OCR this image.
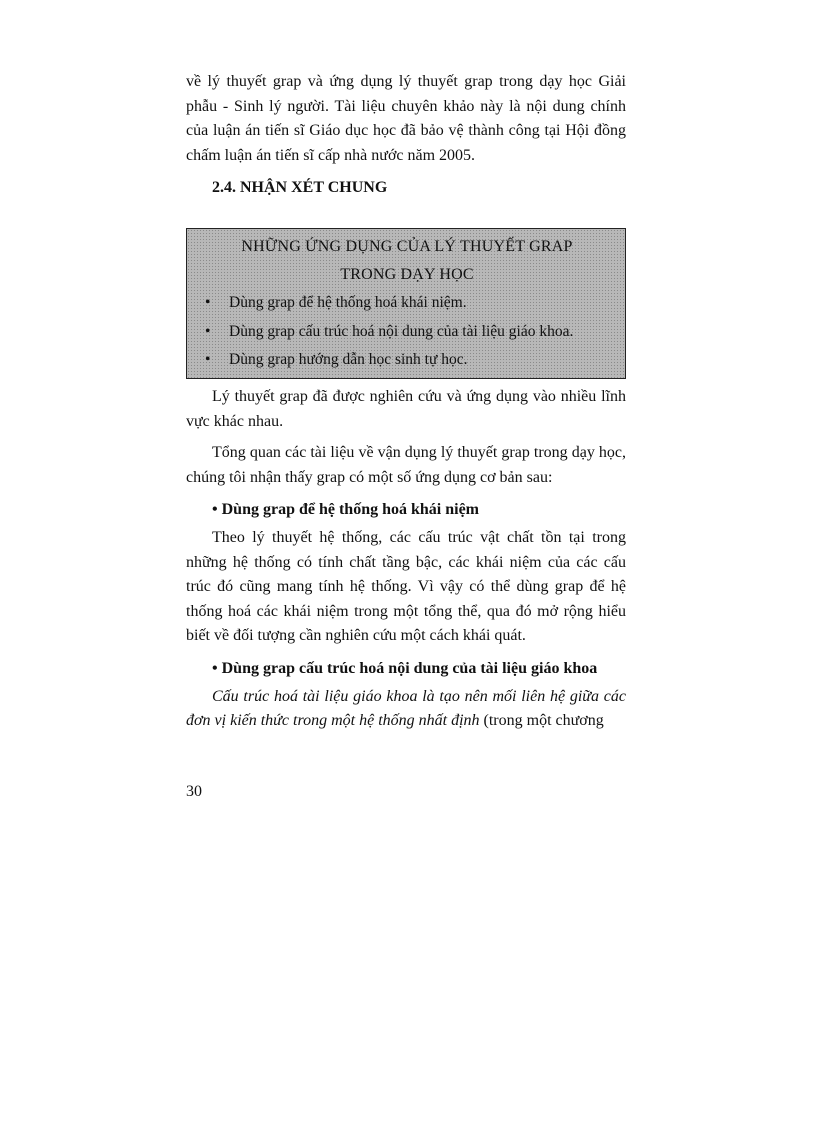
về lý thuyết grap và ứng dụng lý thuyết grap trong dạy học Giải phẫu - Sinh lý người. Tài liệu chuyên khảo này là nội dung chính của luận án tiến sĩ Giáo dục học đã bảo vệ thành công tại Hội đồng chấm luận án tiến sĩ cấp nhà nước năm 2005.

2.4. NHẬN XÉT CHUNG
NHỮNG ỨNG DỤNG CỦA LÝ THUYẾT GRAP
TRONG DẠY HỌC
• Dùng grap để hệ thống hoá khái niệm.
• Dùng grap cấu trúc hoá nội dung của tài liệu giáo khoa.
• Dùng grap hướng dẫn học sinh tự học.

Lý thuyết grap đã được nghiên cứu và ứng dụng vào nhiều lĩnh vực khác nhau.

Tổng quan các tài liệu về vận dụng lý thuyết grap trong dạy học, chúng tôi nhận thấy grap có một số ứng dụng cơ bản sau:

• Dùng grap để hệ thống hoá khái niệm

Theo lý thuyết hệ thống, các cấu trúc vật chất tồn tại trong những hệ thống có tính chất tầng bậc, các khái niệm của các cấu trúc đó cũng mang tính hệ thống. Vì vậy có thể dùng grap để hệ thống hoá các khái niệm trong một tổng thể, qua đó mở rộng hiểu biết về đối tượng cần nghiên cứu một cách khái quát.

• Dùng grap cấu trúc hoá nội dung của tài liệu giáo khoa

Cấu trúc hoá tài liệu giáo khoa là tạo nên mối liên hệ giữa các đơn vị kiến thức trong một hệ thống nhất định (trong một chương

30
